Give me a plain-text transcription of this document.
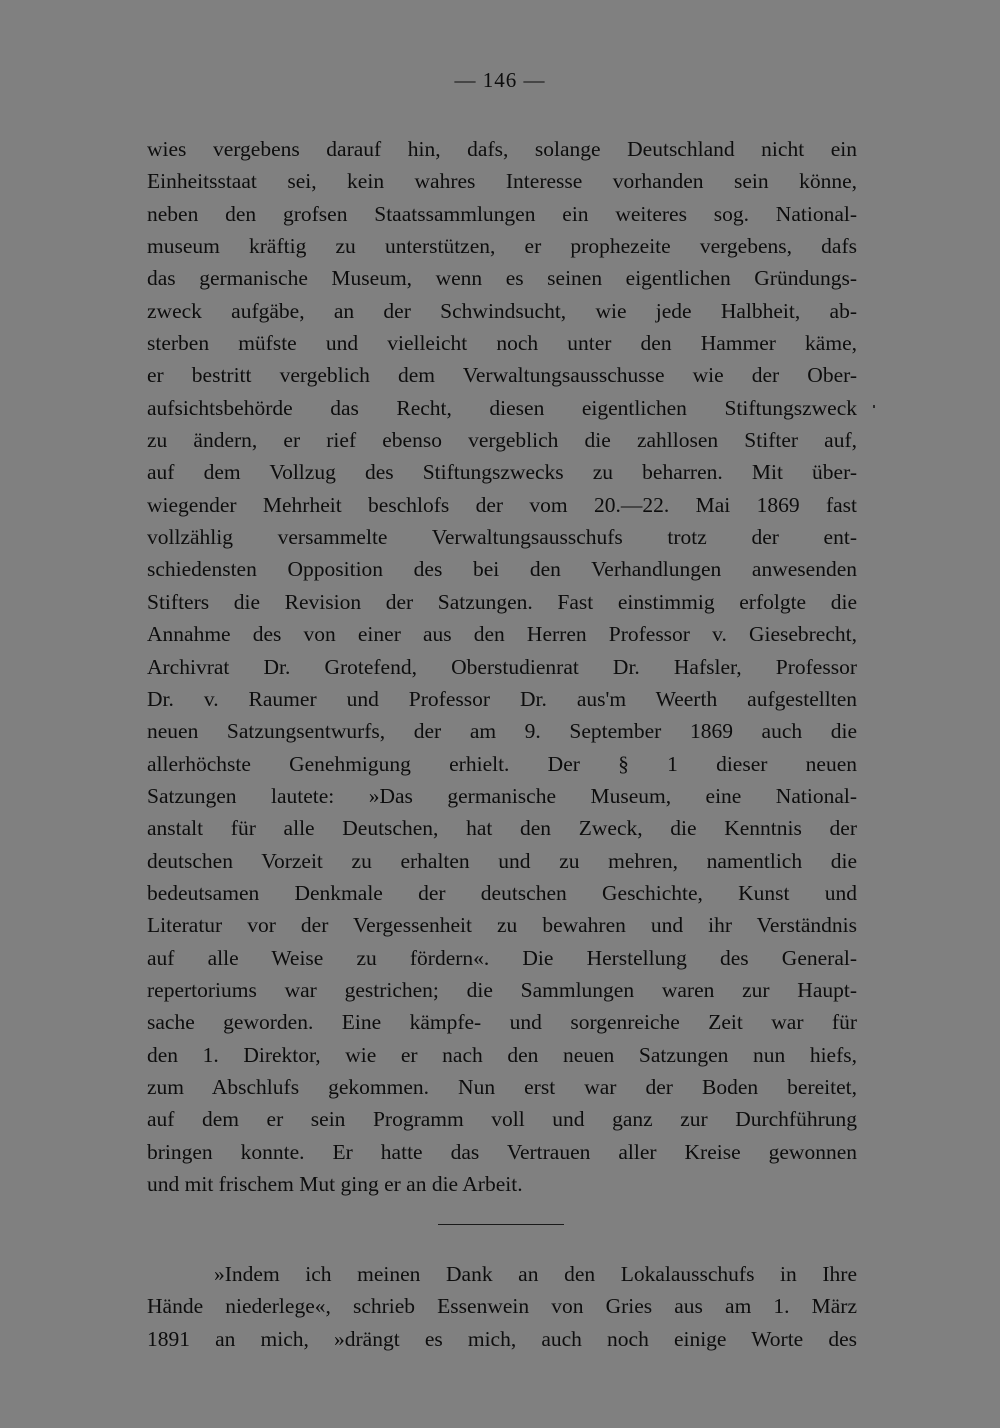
— 146 —
wies vergebens darauf hin, dafs, solange Deutschland nicht ein
Einheitsstaat sei, kein wahres Interesse vorhanden sein könne,
neben den grofsen Staatssammlungen ein weiteres sog. National-
museum kräftig zu unterstützen, er prophezeite vergebens, dafs
das germanische Museum, wenn es seinen eigentlichen Gründungs-
zweck aufgäbe, an der Schwindsucht, wie jede Halbheit, ab-
sterben müfste und vielleicht noch unter den Hammer käme,
er bestritt vergeblich dem Verwaltungsausschusse wie der Ober-
aufsichtsbehörde das Recht, diesen eigentlichen Stiftungszweck
zu ändern, er rief ebenso vergeblich die zahllosen Stifter auf,
auf dem Vollzug des Stiftungszwecks zu beharren. Mit über-
wiegender Mehrheit beschlofs der vom 20.—22. Mai 1869 fast
vollzählig versammelte Verwaltungsausschufs trotz der ent-
schiedensten Opposition des bei den Verhandlungen anwesenden
Stifters die Revision der Satzungen. Fast einstimmig erfolgte die
Annahme des von einer aus den Herren Professor v. Giesebrecht,
Archivrat Dr. Grotefend, Oberstudienrat Dr. Hafsler, Professor
Dr. v. Raumer und Professor Dr. aus'm Weerth aufgestellten
neuen Satzungsentwurfs, der am 9. September 1869 auch die
allerhöchste Genehmigung erhielt. Der § 1 dieser neuen
Satzungen lautete: »Das germanische Museum, eine National-
anstalt für alle Deutschen, hat den Zweck, die Kenntnis der
deutschen Vorzeit zu erhalten und zu mehren, namentlich die
bedeutsamen Denkmale der deutschen Geschichte, Kunst und
Literatur vor der Vergessenheit zu bewahren und ihr Verständnis
auf alle Weise zu fördern«. Die Herstellung des General-
repertoriums war gestrichen; die Sammlungen waren zur Haupt-
sache geworden. Eine kämpfe- und sorgenreiche Zeit war für
den 1. Direktor, wie er nach den neuen Satzungen nun hiefs,
zum Abschlufs gekommen. Nun erst war der Boden bereitet,
auf dem er sein Programm voll und ganz zur Durchführung
bringen konnte. Er hatte das Vertrauen aller Kreise gewonnen
und mit frischem Mut ging er an die Arbeit.
»Indem ich meinen Dank an den Lokalausschufs in Ihre
Hände niederlege«, schrieb Essenwein von Gries aus am 1. März
1891 an mich, »drängt es mich, auch noch einige Worte des
